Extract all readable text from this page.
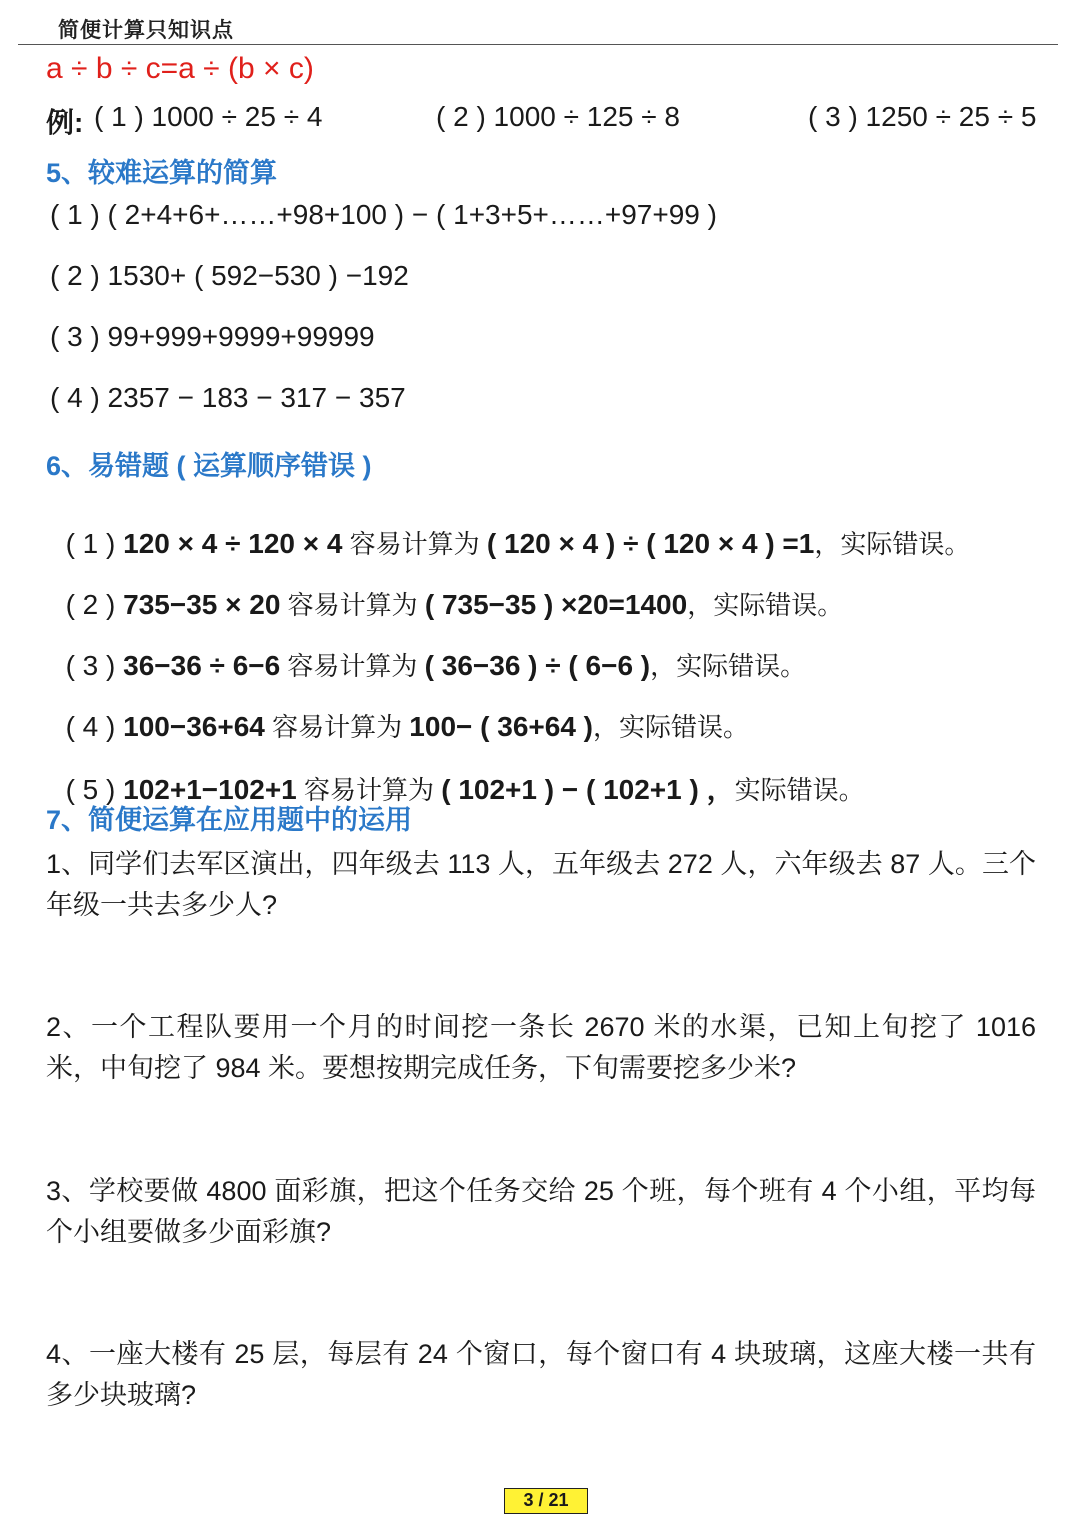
简便计算只知识点
a ÷ b ÷ c=a ÷ (b × c)
例: ( 1 ) 1000 ÷ 25 ÷ 4	( 2 ) 1000 ÷ 125 ÷ 8	( 3 ) 1250 ÷ 25 ÷ 5
5、较难运算的简算
( 1 ) ( 2+4+6+……+98+100 ) − ( 1+3+5+……+97+99 )
( 2 ) 1530+ ( 592−530 ) −192
( 3 ) 99+999+9999+99999
( 4 ) 2357 − 183 − 317 − 357
6、易错题 ( 运算顺序错误 )

( 1 ) 120 × 4 ÷ 120 × 4 容易计算为 ( 120 × 4 ) ÷ ( 120 × 4 ) =1，实际错误。

( 2 ) 735−35 × 20 容易计算为 ( 735−35 ) ×20=1400，实际错误。

( 3 ) 36−36 ÷ 6−6 容易计算为 ( 36−36 ) ÷ ( 6−6 )，实际错误。

( 4 ) 100−36+64 容易计算为 100− ( 36+64 )，实际错误。

( 5 ) 102+1−102+1 容易计算为 ( 102+1 ) − ( 102+1 ) ，实际错误。

7、简便运算在应用题中的运用
1、同学们去军区演出，四年级去 113 人，五年级去 272 人，六年级去 87 人。三个年级一共去多少人?
2、一个工程队要用一个月的时间挖一条长 2670 米的水渠，已知上旬挖了 1016 米，中旬挖了 984 米。要想按期完成任务，下旬需要挖多少米?
3、学校要做 4800 面彩旗，把这个任务交给 25 个班，每个班有 4 个小组，平均每个小组要做多少面彩旗?
4、一座大楼有 25 层，每层有 24 个窗口，每个窗口有 4 块玻璃，这座大楼一共有多少块玻璃?
3 / 21
